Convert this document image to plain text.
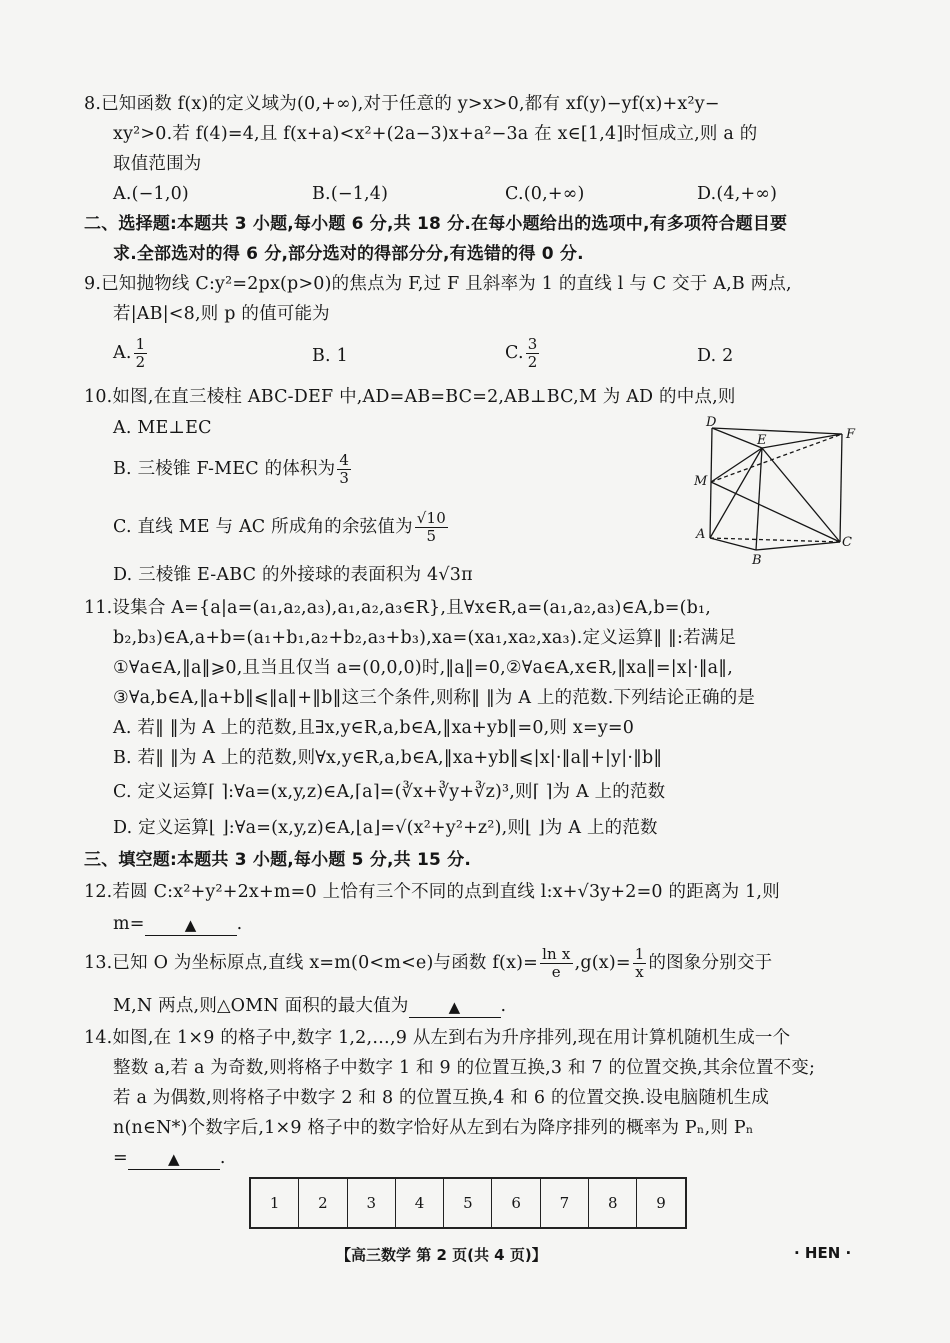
8.已知函数 f(x)的定义域为(0,+∞),对于任意的 y>x>0,都有 xf(y)−yf(x)+x²y−
xy²>0.若 f(4)=4,且 f(x+a)<x²+(2a−3)x+a²−3a 在 x∈[1,4]时恒成立,则 a 的
取值范围为
A.(−1,0)	B.(−1,4)	C.(0,+∞)	D.(4,+∞)
二、选择题:本题共 3 小题,每小题 6 分,共 18 分.在每小题给出的选项中,有多项符合题目要
求.全部选对的得 6 分,部分选对的得部分分,有选错的得 0 分.
9.已知抛物线 C:y²=2px(p>0)的焦点为 F,过 F 且斜率为 1 的直线 l 与 C 交于 A,B 两点,
若|AB|<8,则 p 的值可能为
A. $\frac{1}{2}$	B. 1	C. $\frac{3}{2}$	D. 2
10.如图,在直三棱柱 ABC-DEF 中,AD=AB=BC=2,AB⊥BC,M 为 AD 的中点,则
A. ME⊥EC
B. 三棱锥 F-MEC 的体积为 $\frac{4}{3}$
C. 直线 ME 与 AC 所成角的余弦值为 $\frac{√10}{5}$
D. 三棱锥 E-ABC 的外接球的表面积为 4√3π
D
E	F
M
A
B
C
11.设集合 A={a|a=(a₁,a₂,a₃),a₁,a₂,a₃∈R},且∀x∈R,a=(a₁,a₂,a₃)∈A,b=(b₁,
b₂,b₃)∈A,a+b=(a₁+b₁,a₂+b₂,a₃+b₃),xa=(xa₁,xa₂,xa₃).定义运算‖ ‖:若满足
①∀a∈A,‖a‖⩾0,且当且仅当 a=(0,0,0)时,‖a‖=0,②∀a∈A,x∈R,‖xa‖=|x|·‖a‖,
③∀a,b∈A,‖a+b‖⩽‖a‖+‖b‖这三个条件,则称‖ ‖为 A 上的范数.下列结论正确的是
A. 若‖ ‖为 A 上的范数,且∃x,y∈R,a,b∈A,‖xa+yb‖=0,则 x=y=0
B. 若‖ ‖为 A 上的范数,则∀x,y∈R,a,b∈A,‖xa+yb‖⩽|x|·‖a‖+|y|·‖b‖
C. 定义运算⌈ ⌉:∀a=(x,y,z)∈A,⌈a⌉=(∛x+∛y+∛z)³,则⌈ ⌉为 A 上的范数
D. 定义运算⌊ ⌋:∀a=(x,y,z)∈A,⌊a⌋=√(x²+y²+z²),则⌊ ⌋为 A 上的范数
三、填空题:本题共 3 小题,每小题 5 分,共 15 分.
12.若圆 C:x²+y²+2x+m=0 上恰有三个不同的点到直线 l:x+√3y+2=0 的距离为 1,则
m=	▲ .
13.已知 O 为坐标原点,直线 x=m(0<m<e)与函数 $f(x)= \frac{\text{ln x}}{e} ,g(x)= \frac{1}{x}$ 的图象分别交于
M,N 两点,则△OMN 面积的最大值为	▲ .
14.如图,在 1×9 的格子中,数字 1,2,…,9 从左到右为升序排列,现在用计算机随机生成一个
整数 a,若 a 为奇数,则将格子中数字 1 和 9 的位置互换,3 和 7 的位置交换,其余位置不变;
若 a 为偶数,则将格子中数字 2 和 8 的位置互换,4 和 6 的位置交换.设电脑随机生成
n(n∈N*)个数字后,1×9 格子中的数字恰好从左到右为降序排列的概率为 Pₙ,则 Pₙ
=	▲ .
1	2	3	4	5	6	7	8	9
【高三数学 第 2 页(共 4 页)】	· HEN ·
